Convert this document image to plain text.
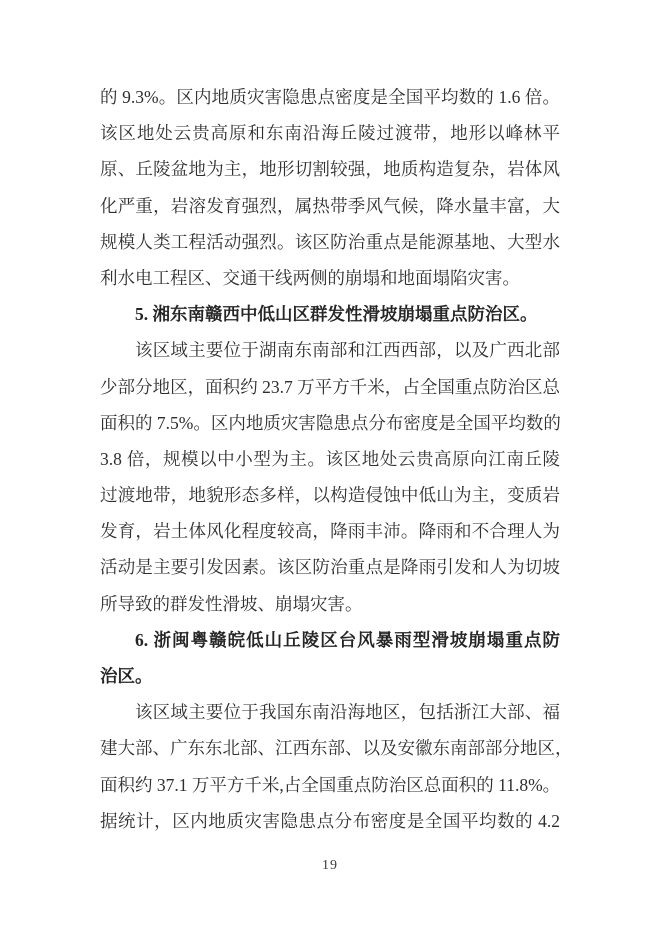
的 9.3%。区内地质灾害隐患点密度是全国平均数的 1.6 倍。
该区地处云贵高原和东南沿海丘陵过渡带，地形以峰林平
原、丘陵盆地为主，地形切割较强，地质构造复杂，岩体风
化严重，岩溶发育强烈，属热带季风气候，降水量丰富，大
规模人类工程活动强烈。该区防治重点是能源基地、大型水
利水电工程区、交通干线两侧的崩塌和地面塌陷灾害。
5. 湘东南赣西中低山区群发性滑坡崩塌重点防治区。
该区域主要位于湖南东南部和江西西部，以及广西北部
少部分地区，面积约 23.7 万平方千米，占全国重点防治区总
面积的 7.5%。区内地质灾害隐患点分布密度是全国平均数的
3.8 倍，规模以中小型为主。该区地处云贵高原向江南丘陵
过渡地带，地貌形态多样，以构造侵蚀中低山为主，变质岩
发育，岩土体风化程度较高，降雨丰沛。降雨和不合理人为
活动是主要引发因素。该区防治重点是降雨引发和人为切坡
所导致的群发性滑坡、崩塌灾害。
6. 浙闽粤赣皖低山丘陵区台风暴雨型滑坡崩塌重点防
治区。
该区域主要位于我国东南沿海地区，包括浙江大部、福
建大部、广东东北部、江西东部、以及安徽东南部部分地区，
面积约 37.1 万平方千米,占全国重点防治区总面积的 11.8%。
据统计，区内地质灾害隐患点分布密度是全国平均数的 4.2
19
